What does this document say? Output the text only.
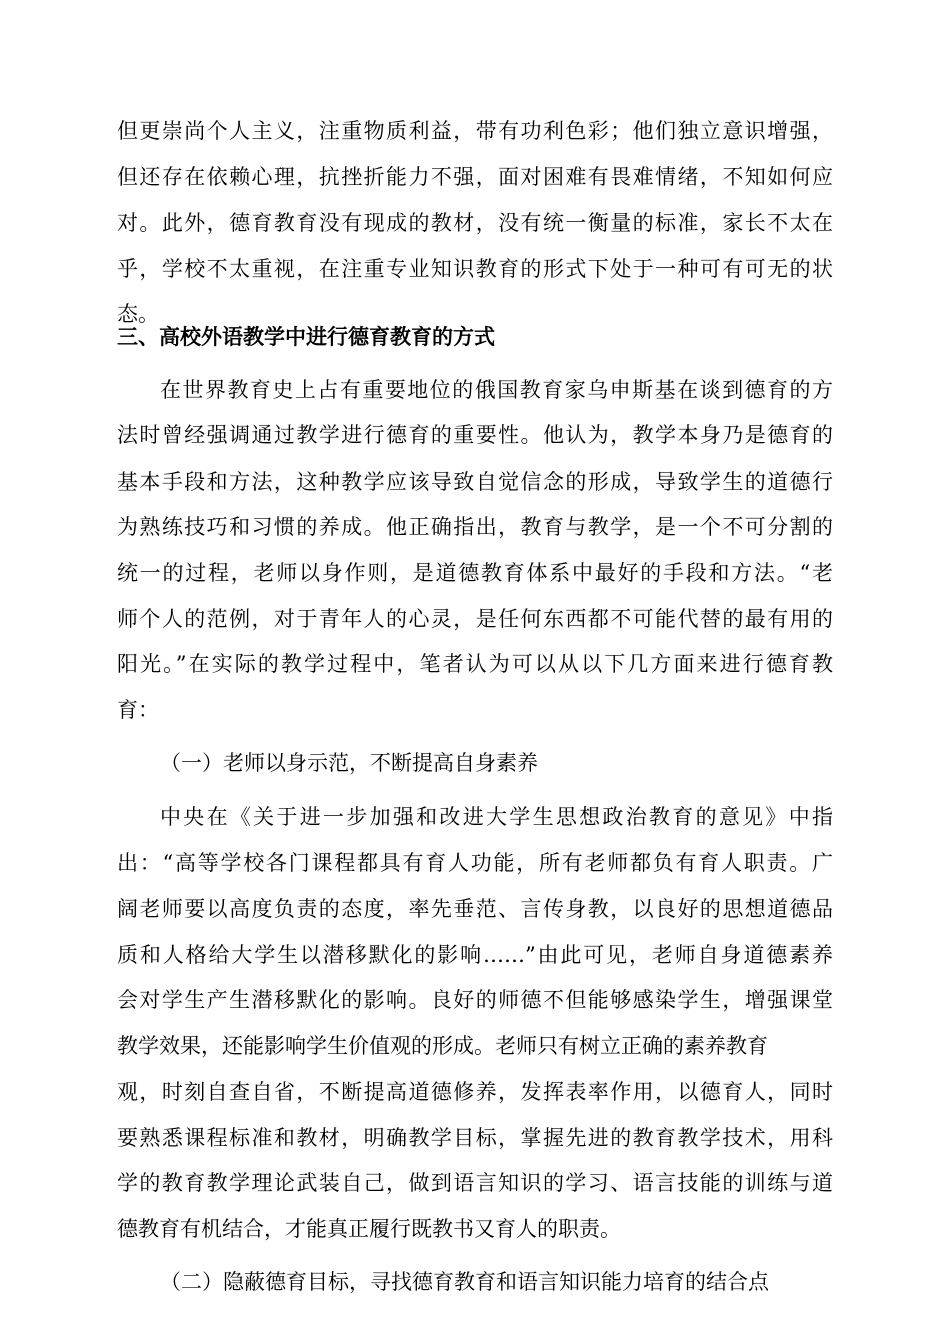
但更崇尚个人主义，注重物质利益，带有功利色彩；他们独立意识增强，

但还存在依赖心理，抗挫折能力不强，面对困难有畏难情绪，不知如何应

对。此外，德育教育没有现成的教材，没有统一衡量的标准，家长不太在

乎，学校不太重视，在注重专业知识教育的形式下处于一种可有可无的状

态。

三、高校外语教学中进行德育教育的方式

在世界教育史上占有重要地位的俄国教育家乌申斯基在谈到德育的方

法时曾经强调通过教学进行德育的重要性。他认为，教学本身乃是德育的

基本手段和方法，这种教学应该导致自觉信念的形成，导致学生的道德行

为熟练技巧和习惯的养成。他正确指出，教育与教学，是一个不可分割的

统一的过程，老师以身作则，是道德教育体系中最好的手段和方法。“老

师个人的范例，对于青年人的心灵，是任何东西都不可能代替的最有用的

阳光。”在实际的教学过程中，笔者认为可以从以下几方面来进行德育教

育：

（一）老师以身示范，不断提高自身素养

中央在《关于进一步加强和改进大学生思想政治教育的意见》中指

出：“高等学校各门课程都具有育人功能，所有老师都负有育人职责。广

阔老师要以高度负责的态度，率先垂范、言传身教，以良好的思想道德品

质和人格给大学生以潜移默化的影响……”由此可见，老师自身道德素养

会对学生产生潜移默化的影响。良好的师德不但能够感染学生，增强课堂

教学效果，还能影响学生价值观的形成。老师只有树立正确的素养教育

观，时刻自查自省，不断提高道德修养，发挥表率作用，以德育人，同时

要熟悉课程标准和教材，明确教学目标，掌握先进的教育教学技术，用科

学的教育教学理论武装自己，做到语言知识的学习、语言技能的训练与道

德教育有机结合，才能真正履行既教书又育人的职责。

（二）隐蔽德育目标，寻找德育教育和语言知识能力培育的结合点
